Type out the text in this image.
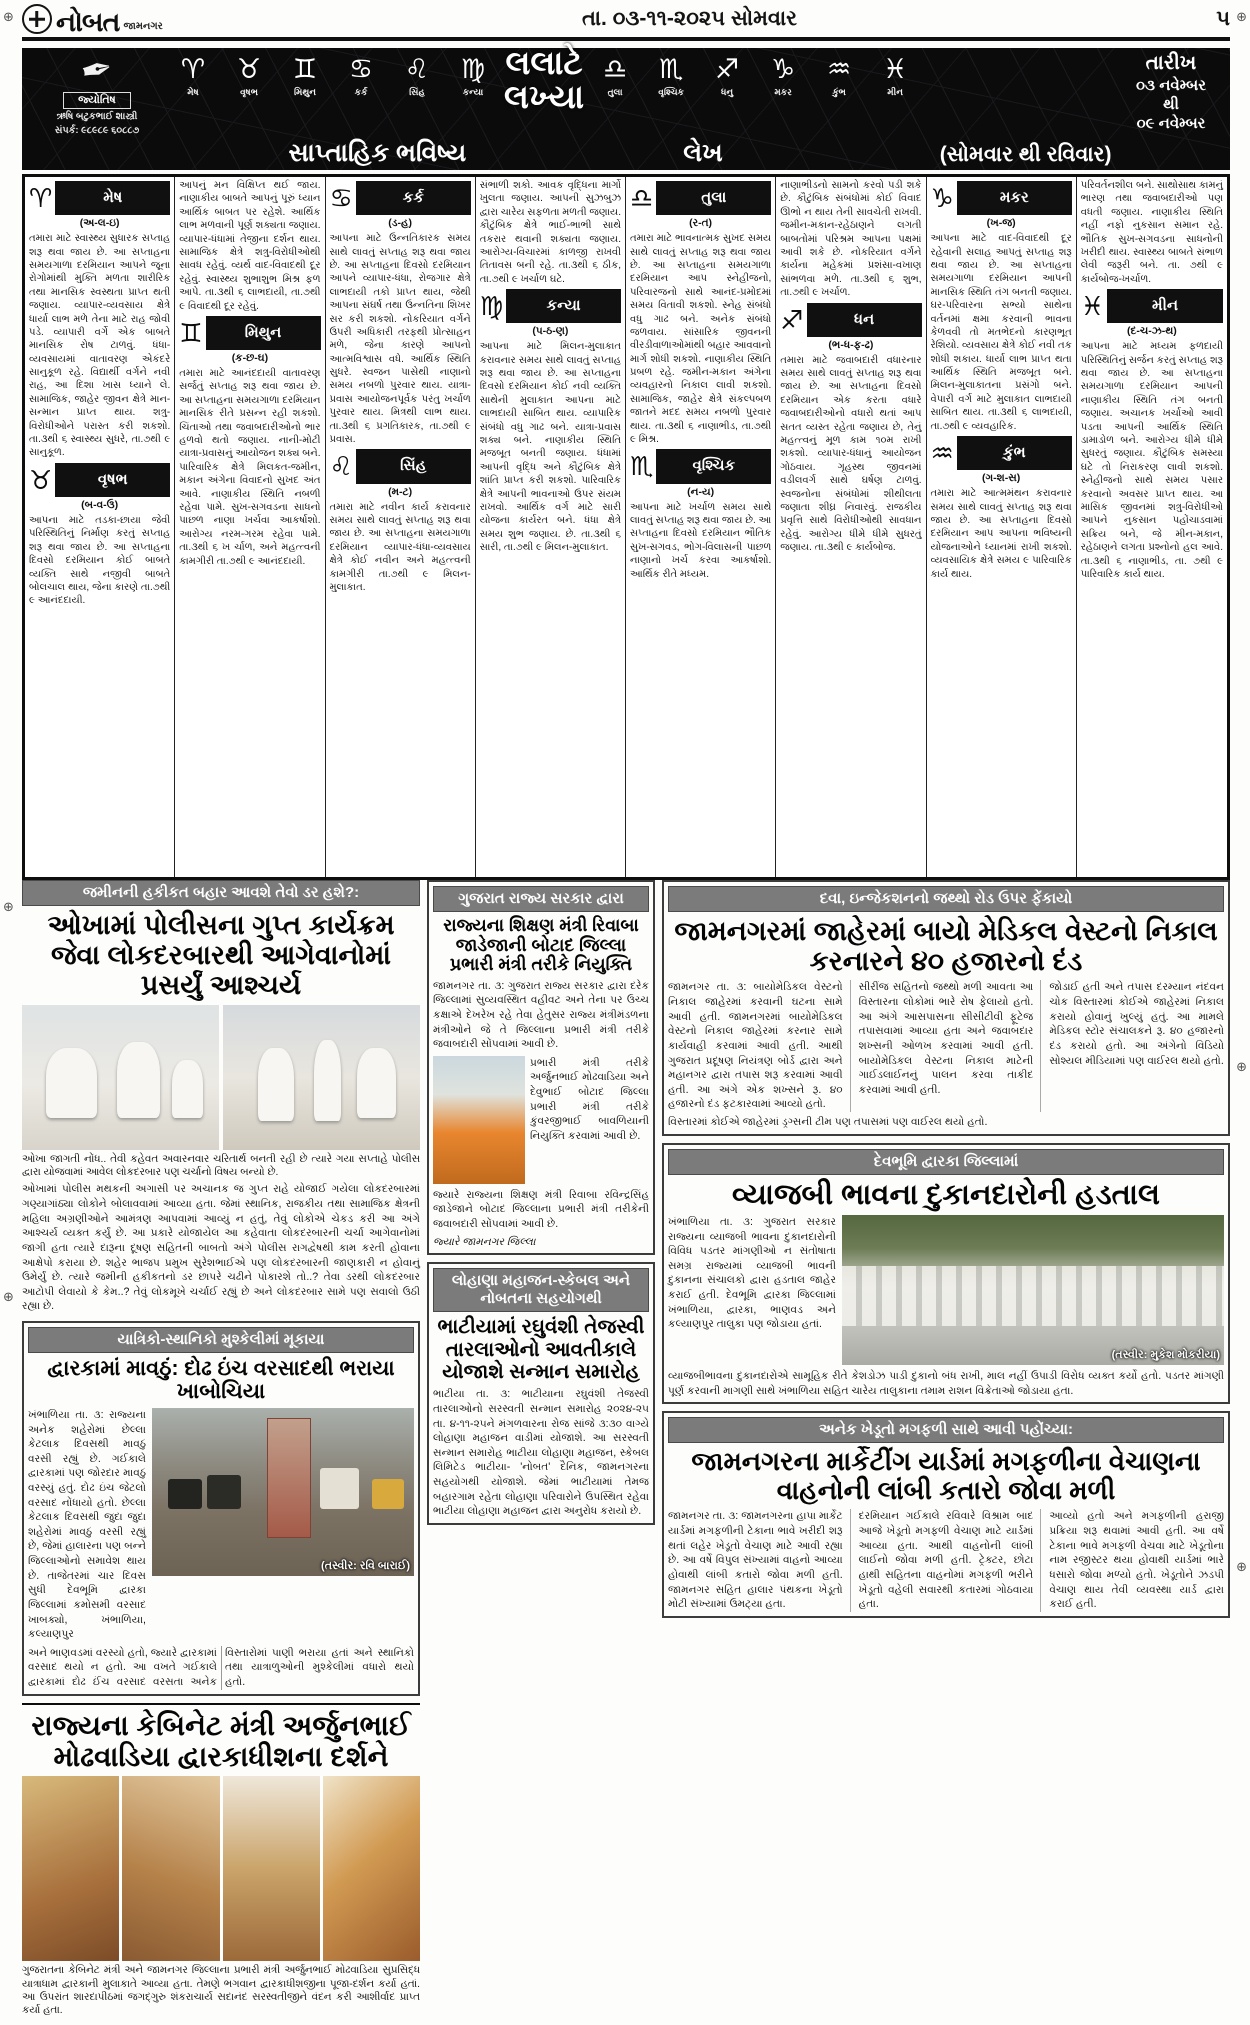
⊕	⊕
⊕
⊕
⊕
⊕
નોબત જામનગર	તા. ૦૩-૧૧-૨૦૨૫ સોમવાર	૫
✒
જ્યોતિષ
ઋષિ બટુકભાઈ શાસ્ત્રી
સંપર્ક: ૯૮૯૮૯ ૬૦૮૮૭
♈
મેષ
♉
વૃષભ
♊
મિથુન
♋
કર્ક
♌
સિંહ
♍
કન્યા
લલાટે
લખ્યા
♎
તુલા
♏
વૃશ્ચિક
♐
ધનુ
♑
મકર
♒
કુંભ
♓
મીન
તારીખ
૦૩ નવેમ્બર
થી
૦૯ નવેમ્બર
સાપ્તાહિક ભવિષ્ય	લેખ	(સોમવાર થી રવિવાર)
♈	મેષ
(અ-લ-ઇ)
તમારા માટે સ્વાસ્થ્ય સુધારક સપ્તાહ શરૂ થવા જાય છે. આ સપ્તાહના સમયગાળા દરમિયાન આપને જૂના રોગોમાંથી મુક્તિ મળતા શારીરિક તથા માનસિક સ્વસ્થતા પ્રાપ્ત થતી જણાય. વ્યાપાર-વ્યવસાય ક્ષેત્રે ધાર્યા લાભ મળે તેના માટે રાહ જોવી પડે. વ્યાપારી વર્ગે એક બાબતે માનસિક રોષ ટાળવું. ધંધા-વ્યવસાયમાં વાતાવરણ એકંદરે સાનુકૂળ રહે. વિદ્યાર્થી વર્ગને નવી રાહ, આ દિશા ખાસ ધ્યાને લે. સામાજિક, જાહેર જીવન ક્ષેત્રે માન-સન્માન પ્રાપ્ત થાય. શત્રુ-વિરોધીઓને પરાસ્ત કરી શકશો. તા.૩થી ૬ સ્વાસ્થ્ય સુધરે, તા.૭થી ૯ સાનુકૂળ.
♉	વૃષભ
(બ-વ-ઉ)
આપના માટે તડકા-છાયા જેવી પરિસ્થિતિનું નિર્માણ કરતું સપ્તાહ શરૂ થવા જાય છે. આ સપ્તાહના દિવસો દરમિયાન કોઈ બાબતે વ્યક્તિ સાથે નજીવી બાબતે બોલચાલ થાય, જેના કારણે તા.૭થી ૯ આનંદદાયી.
આપનું મન વિક્ષિપ્ત થઈ જાય. નાણાકીય બાબતે આપનું પૂરું ધ્યાન આર્થિક બાબત પર રહેશે. આર્થિક લાભ મળવાની પૂર્ણ શક્યતા જણાય. વ્યાપાર-ધંધામાં તેજીના દર્શન થાય. સામાજિક ક્ષેત્રે શત્રુ-વિરોધીઓથી સાવધ રહેવું. વ્યર્થ વાદ-વિવાદથી દૂર રહેવું. સ્વાસ્થ્ય શુભાશુભ મિશ્ર ફળ આપે. તા.૩થી ૬ લાભદાયી, તા.૭થી ૯ વિવાદથી દૂર રહેવું.
♊	મિથુન
(ક-છ-ઘ)
તમારા માટે આનંદદાયી વાતાવરણ સર્જતું સપ્તાહ શરૂ થવા જાય છે. આ સપ્તાહના સમયગાળા દરમિયાન માનસિક રીતે પ્રસન્ન રહી શકશો. ચિંતાઓ તથા જવાબદારીઓનો ભાર હળવો થતો જણાય. નાની-મોટી યાત્રા-પ્રવાસનું આયોજન શક્ય બને. પારિવારિક ક્ષેત્રે મિલકત-જમીન, મકાન અંગેના વિવાદનો સુખદ અંત આવે. નાણાકીય સ્થિતિ નબળી રહેવા પામે. સુખ-સગવડના સાધનો પાછળ નાણા ખર્ચવા આકર્ષાશો. આરોગ્ય નરમ-ગરમ રહેવા પામે. તા.૩થી ૬ ખ ર્ચાળ, અને મહત્ત્વની કામગીરી તા.૭થી ૯ આનંદદાયી.
♋	કર્ક
(ડ-હ)
આપના માટે ઉન્નતિકારક સમય સાથે લાવતું સપ્તાહ શરૂ થવા જાય છે. આ સપ્તાહના દિવસો દરમિયાન આપને વ્યાપાર-ધંધા, રોજગાર ક્ષેત્રે લાભદાયી તકો પ્રાપ્ત થાય, જેથી આપના સંઘર્ષ તથા ઉન્નતિના શિખર સર કરી શકશો. નોકરિયાત વર્ગને ઉપરી અધિકારી તરફથી પ્રોત્સાહન મળે, જેના કારણે આપનો આત્મવિશ્વાસ વધે. આર્થિક સ્થિતિ સુધરે. સ્વજન પાસેથી નાણાનો સમય નબળો પુરવાર થાય. યાત્રા-પ્રવાસ આયોજનપૂર્વક પરંતુ ખર્ચાળ પુરવાર થાય. મિત્રથી લાભ થાય. તા.૩થી ૬ પ્રગતિકારક, તા.૭થી ૯ પ્રવાસ.
♌	સિંહ
(મ-ટ)
તમારા માટે નવીન કાર્ય કરાવનાર સમય સાથે લાવતું સપ્તાહ શરૂ થવા જાય છે. આ સપ્તાહના સમયગાળા દરમિયાન વ્યાપાર-ધંધા-વ્યવસાય ક્ષેત્રે કોઈ નવીન અને મહત્ત્વની કામગીરી તા.૭થી ૯ મિલન-મુલાકાત.
સંભાળી શકો. આવક વૃદ્ધિના માર્ગો ખુલતા જણાય. આપની સુઝબુઝ દ્વારા ચારેય સફળતા મળતી જણાય. કૌટુંબિક ક્ષેત્રે ભાઈ-ભાભી સાથે તકરાર થવાની શક્યતા જણાય. આરોગ્ય-વિચારમાં કાળજી રાખવી તિતાવસ બની રહે. તા.૩થી ૬ ઠીક, તા.૭થી ૯ ખર્ચાળ ઘટે.
♍	કન્યા
(પ-ઠ-ણ)
આપના માટે મિલન-મુલાકાત કરાવનાર સમય સાથે લાવતું સપ્તાહ શરૂ થવા જાય છે. આ સપ્તાહના દિવસો દરમિયાન કોઈ નવી વ્યક્તિ સાથેની મુલાકાત આપના માટે લાભદાયી સાબિત થાય. વ્યાપારિક સંબંધો વધુ ગાઢ બને. યાત્રા-પ્રવાસ શક્ય બને. નાણાકીય સ્થિતિ મજબૂત બનતી જણાય. ધંધામાં આપની વૃદ્ધિ અને કૌટુંબિક ક્ષેત્રે શાંતિ પ્રાપ્ત કરી શકશો. પારિવારિક ક્ષેત્રે આપની ભાવનાઓ ઉપર સંયમ રાખવો. આર્થિક વર્ગ માટે સારી યોજના કાર્યરત બને. ધંધા ક્ષેત્રે સમય શુભ જણાય. છે. તા.૩થી ૬ સારી, તા.૭થી ૯ મિલન-મુલાકાત.
♎	તુલા
(ર-ત)
તમારા માટે ભાવનાત્મક સુખદ સમય સાથે લાવતું સપ્તાહ શરૂ થવા જાય છે. આ સપ્તાહના સમયગાળા દરમિયાન આપ સ્નેહીજનો, પરિવારજનો સાથે આનંદ-પ્રમોદમાં સમય વિતાવી શકશો. સ્નેહ સંબંધો વધુ ગાઢ બને. અનેક સંબંધો જળવાય. સાંસારિક જીવનની વીરડીવાળાઓમાંથી બહાર આવવાનો માર્ગ શોધી શકશો. નાણાકીય સ્થિતિ પ્રબળ રહે. જમીન-મકાન અંગેના વ્યવહારનો નિકાલ લાવી શકશો. સામાજિક, જાહેર ક્ષેત્રે સંકલ્પબળ જાતને મદદ સમય નબળો પુરવાર થાય. તા.૩થી ૬ નાણાભીડ, તા.૭થી ૯ મિશ્ર.
♏	વૃશ્ચિક
(ન-ય)
આપના માટે ખર્ચાળ સમય સાથે લાવતું સપ્તાહ શરૂ થવા જાય છે. આ સપ્તાહના દિવસો દરમિયાન ભૌતિક સુખ-સગવડ, ભોગ-વિલાસની પાછળ નાણાનો ખર્ચ કરવા આકર્ષાશો. આર્થિક રીતે મધ્યમ.
નાણાભીડનો સામનો કરવો પડી શકે છે. કૌટુંબિક સંબંધોમાં કોઈ વિવાદ ઊભો ન થાય તેની સાવચેતી રાખવી. જમીન-મકાન-રહેઠાણને લગતી બાબતોમાં પરિશ્રમ આપના પક્ષમાં આવી શકે છે. નોકરિયાત વર્ગને કાર્યના મહેકમાં પ્રશંસા-વખાણ સાંભળવા મળે. તા.૩થી ૬ શુભ, તા.૭થી ૯ ખર્ચાળ.
♐	ધન
(ભ-ધ-ફ-ઢ)
તમારા માટે જવાબદારી વધારનાર સમય સાથે લાવતું સપ્તાહ શરૂ થવા જાય છે. આ સપ્તાહના દિવસો દરમિયાન એક કરતા વધારે જવાબદારીઓનો વધારો થતાં આપ સતત વ્યસ્ત રહેતા જણાય છે, તેનું મહત્ત્વનું મૂળ કામ ૧૦મ રાખી શકશો. વ્યાપાર-ધંધાનું આયોજન ગોઠવાય. ગૃહસ્થ જીવનમાં વડીલવર્ગ સાથે ઘર્ષણ ટાળવું. સ્વજનોના સંબંધોમાં શીથીલતા જણાતા શીઘ્ર નિવારવું. રાજકીય પ્રવૃત્તિ સાથે વિરોધીઓથી સાવધાન રહેવું. આરોગ્ય ધીમે ધીમે સુધરતું જણાય. તા.૩થી ૯ કાર્યબોજ.
♑	મકર
(ખ-જ)
આપના માટે વાદ-વિવાદથી દૂર રહેવાની સલાહ આપતું સપ્તાહ શરૂ થવા જાય છે. આ સપ્તાહના સમયગાળા દરમિયાન આપની માનસિક સ્થિતિ તંગ બનતી જણાય. ઘર-પરિવારના સભ્યો સાથેના વર્તનમાં ક્ષમા કરવાની ભાવના કેળવવી તો મતભેદનો કારણભૂત રેશિયો. વ્યવસાય ક્ષેત્રે કોઈ નવી તક શોધી શકાય. ધાર્યા લાભ પ્રાપ્ત થતા આર્થિક સ્થિતિ મજબૂત બને. મિલન-મુલાકાતના પ્રસંગો બને. વેપારી વર્ગ માટે મુલાકાત લાભદાયી સાબિત થાય. તા.૩થી ૬ લાભદાયી, તા.૭થી ૯ વ્યવહારિક.
♒	કુંભ
(ગ-શ-સ)
તમારા માટે આત્મમંથન કરાવનાર સમય સાથે લાવતું સપ્તાહ શરૂ થવા જાય છે. આ સપ્તાહના દિવસો દરમિયાન આપ આપના ભવિષ્યની યોજનાઓને ધ્યાનમાં રાખી શકશો. વ્યવસાયિક ક્ષેત્રે સમય ૯ પારિવારિક કાર્ય થાય.
પરિવર્તનશીલ બને. સાથોસાથ કામનું ભારણ તથા જવાબદારીઓ પણ વધતી જણાય. નાણાકીય સ્થિતિ નહીં નફો નુકસાન સમાન રહે. ભૌતિક સુખ-સગવડના સાધનોની ખરીદી થાય. સ્વાસ્થ્ય બાબતે સંભાળ લેવી જરૂરી બને. તા. ૭થી ૯ કાર્યબોજ-ખર્ચાળ.
♓	મીન
(દ-ચ-ઝ-થ)
આપના માટે મધ્યમ ફળદાયી પરિસ્થિતિનું સર્જન કરતું સપ્તાહ શરૂ થવા જાય છે. આ સપ્તાહના સમયગાળા દરમિયાન આપની નાણાકીય સ્થિતિ તંગ બનતી જણાય. અચાનક ખર્ચાઓ આવી પડતા આપની આર્થિક સ્થિતિ ડામાડોળ બને. આરોગ્ય ધીમે ધીમે સુધરતું જણાય. કૌટુંબિક સમસ્યા ઘટે તો નિરાકરણ લાવી શકશો. સ્નેહીજનો સાથે સમય પસાર કરવાનો અવસર પ્રાપ્ત થાય. આ માસિક જીવનમાં શત્રુ-વિરોધીઓ આપને નુકસાન પહોંચાડવામાં સક્રિય બને, જે મીન-મકાન, રહેઠાણને લગતા પ્રશ્નોનો હલ આવે. તા.૩થી ૬ નાણાભીડ, તા. ૭થી ૯ પારિવારિક કાર્ય થાય.
જમીનની હકીકત બહાર આવશે તેવો ડર હશે?:
ઓખામાં પોલીસના ગુપ્ત કાર્યક્રમ જેવા લોકદરબારથી આગેવાનોમાં પ્રસર્યું આશ્ચર્ય
ઓખા જાગતી નોંધ.. તેવી કહેવત અવારનવાર ચરિતાર્થ બનતી રહી છે ત્યારે ગયા સપ્તાહે પોલીસ દ્વારા યોજવામાં આવેલ લોકદરબાર પણ ચર્ચાનો વિષય બન્યો છે.
ઓખામાં પોલીસ મથકની અગાસી પર અચાનક જ ગુપ્ત રાહે યોજાઈ ગયેલા લોકદરબારમાં ગણ્યાગાંઠ્યા લોકોને બોલાવવામાં આવ્યા હતા. જેમાં સ્થાનિક, રાજકીય તથા સામાજિક ક્ષેત્રની મહિલા અગ્રણીઓને આમંત્રણ આપવામાં આવ્યું ન હતું, તેવું લોકોએ ચેકડ કરી આ અંગે આશ્ચર્ય વ્યક્ત કર્યું છે. આ પ્રકારે યોજાયેલ આ કહેવાતા લોકદરબારની ચર્ચા આગેવાનોમાં જાગી હતા ત્યારે દારૂના દૂષણ સહિતની બાબતો અંગે પોલીસ રાગદ્વેષથી કામ કરતી હોવાના આક્ષેપો કરાયા છે. શહેર ભાજપ પ્રમુખ સુરેશભાઈએ પણ લોકદરબારની જાણકારી ન હોવાનું ઉમેર્યું છે. ત્યારે જમીની હકીકતનો ડર છાપરે ચઢીને પોકારશે તો..? તેવા ડરથી લોકદરબાર આટોપી લેવાયો કે કેમ..? તેવું લોકમૂખે ચર્ચાઈ રહ્યું છે અને લોકદરબાર સામે પણ સવાલો ઉઠી રહ્યા છે.
યાત્રિકો-સ્થાનિકો મુશ્કેલીમાં મૂકાયા
દ્વારકામાં માવઠું: દોઢ ઇંચ વરસાદથી ભરાયા ખાબોચિયા
ખંભાળિયા તા. ૩: રાજ્યના અનેક શહેરોમાં છેલ્લા કેટલાક દિવસથી માવઠું વરસી રહ્યું છે. ગઈકાલે દ્વારકામાં પણ જોરદાર માવઠું વરસ્યું હતું. દોઢ ઇંચ જેટલો વરસાદ નોંધાયો હતો. છેલ્લા કેટલાક દિવસથી જુદા જુદા શહેરોમાં માવઠું વરસી રહ્યું છે, જેમાં હાલારના પણ બન્ને જિલ્લાઓનો સમાવેશ થાય છે. તાજેતરમાં ચાર દિવસ સુધી દેવભૂમિ દ્વારકા જિલ્લામાં કમોસમી વરસાદ ખાબક્યો, ખંભાળિયા, કલ્યાણપુર
(તસ્વીર: રવિ બારાઈ)
અને ભાણવડમાં વરસ્યો હતો, જ્યારે દ્વારકામાં વરસાદ થયો ન હતો. આ વખતે ગઈકાલે દ્વારકામાં દોઢ ઈંચ વરસાદ વરસતા અનેક વિસ્તારોમાં પાણી ભરાયા હતાં અને સ્થાનિકો તથા યાત્રાળુઓની મુશ્કેલીમાં વધારો થયો હતો.
રાજ્યના કેબિનેટ મંત્રી અર્જુનભાઈ મોઢવાડિયા દ્વારકાધીશના દર્શને
ગુજરાતના કેબિનેટ મંત્રી અને જામનગર જિલ્લાના પ્રભારી મંત્રી અર્જુનભાઈ મોઢવાડિયા સુપ્રસિદ્ધ યાત્રાધામ દ્વારકાની મુલાકાતે આવ્યા હતા. તેમણે ભગવાન દ્વારકાધીશજીના પૂજા-દર્શન કર્યા હતાં. આ ઉપરાંત શારદાપીઠમાં જગદ્ગુરુ શંકરાચાર્ય સદાનંદ સરસ્વતીજીને વંદન કરી આશીર્વાદ પ્રાપ્ત કર્યા હતા.
ગુજરાત રાજ્ય સરકાર દ્વારા
રાજ્યના શિક્ષણ મંત્રી રિવાબા જાડેજાની બોટાદ જિલ્લા પ્રભારી મંત્રી તરીકે નિયુક્તિ
જામનગર તા. ૩: ગુજરાત રાજ્ય સરકાર દ્વારા દરેક જિલ્લામાં સુવ્યવસ્થિત વહીવટ અને તેના પર ઉચ્ચ કક્ષાએ દેખરેખ રહે તેવા હેતુસર રાજ્ય મંત્રીમંડળના મંત્રીઓને જે તે જિલ્લાના પ્રભારી મંત્રી તરીકે જવાબદારી સોંપવામાં આવી છે.
પ્રભારી મંત્રી તરીકે અર્જુનભાઈ મોઢવાડિયા અને દેવુભાઈ બોટાદ જિલ્લા પ્રભારી મંત્રી તરીકે કુંવરજીભાઈ બાવળિયાની નિયુક્તિ કરવામાં આવી છે.
જ્યારે રાજ્યના શિક્ષણ મંત્રી રિવાબા રવિન્દ્રસિંહ જાડેજાને બોટાદ જિલ્લાના પ્રભારી મંત્રી તરીકેની જવાબદારી સોંપવામાં આવી છે.
જ્યારે જામનગર જિલ્લા
લોહાણા મહાજન-સ્કેબલ અને નોબતના સહયોગથી
ભાટીયામાં રઘુવંશી તેજસ્વી તારલાઓનો આવતીકાલે યોજાશે સન્માન સમારોહ
ભાટીયા તા. ૩: ભાટીયાના રઘુવંશી તેજસ્વી તારલાઓનો સરસ્વતી સન્માન સમારોહ ૨૦૨૪-૨૫ તા. ૪-૧૧-૨૫ને મંગળવારના રોજ સાંજે ૩:૩૦ વાગ્યે લોહાણા મહાજન વાડીમાં યોજાશે. આ સરસ્વતી સન્માન સમારોહ ભાટીયા લોહાણા મહાજન, સ્કેબલ લિમિટેડ ભાટીયા- 'નોબત' દૈનિક, જામનગરના સહયોગથી યોજાશે. જેમાં ભાટીયામાં તેમજ બહારગામ રહેતા લોહાણા પરિવારોને ઉપસ્થિત રહેવા ભાટીયા લોહાણા મહાજન દ્વારા અનુરોધ કરાયો છે.
દવા, ઇન્જેકશનનો જથ્થો રોડ ઉપર ફેંકાયો
જામનગરમાં જાહેરમાં બાયો મેડિકલ વેસ્ટનો નિકાલ કરનારને ૪૦ હજારનો દંડ
જામનગર તા. ૩: બાયોમેડિકલ વેસ્ટનો નિકાલ જાહેરમાં કરવાની ઘટના સામે આવી હતી. જામનગરમાં બાયોમેડિકલ વેસ્ટનો નિકાલ જાહેરમાં કરનાર સામે કાર્યવાહી કરવામાં આવી હતી. આથી ગુજરાત પ્રદૂષણ નિયંત્રણ બોર્ડ દ્વારા અને મહાનગર દ્વારા તપાસ શરૂ કરવામાં આવી હતી. આ અંગે એક શખ્સને રૂ. ૪૦ હજારનો દંડ ફટકારવામાં આવ્યો હતો.
સીરીંજ સહિતનો જથ્થો મળી આવતા આ વિસ્તારના લોકોમાં ભારે રોષ ફેલાયો હતો. આ અંગે આસપાસના સીસીટીવી ફૂટેજ તપાસવામાં આવ્યા હતા અને જવાબદાર શખ્સની ઓળખ કરવામાં આવી હતી. બાયોમેડિકલ વેસ્ટના નિકાલ માટેની ગાઈડલાઈનનું પાલન કરવા તાકીદ કરવામાં આવી હતી.
જોડાઈ હતી અને તપાસ દરમ્યાન નંદવન ચોક વિસ્તારમાં કોઈએ જાહેરમાં નિકાલ કરાયો હોવાનું ખુલ્યું હતું. આ મામલે મેડિકલ સ્ટોર સંચાલકને રૂ. ૪૦ હજારનો દંડ કરાયો હતો. આ અંગેનો વિડિયો સોશ્યલ મીડિયામાં પણ વાઈરલ થયો હતો.
વિસ્તારમાં કોઈએ જાહેરમાં ડ્રગ્સની ટીમ પણ તપાસમાં પણ વાઈરલ થયો હતો.
દેવભૂમિ દ્વારકા જિલ્લામાં
વ્યાજબી ભાવના દુકાનદારોની હડતાલ
ખંભાળિયા તા. ૩: ગુજરાત સરકાર રાજ્યના વ્યાજબી ભાવના દુકાનદારોની વિવિધ પડતર માંગણીઓ ન સંતોષાતા સમગ્ર રાજ્યમાં વ્યાજબી ભાવની દુકાનના સંચાલકો દ્વારા હડતાલ જાહેર કરાઈ હતી. દેવભૂમિ દ્વારકા જિલ્લામાં ખંભાળિયા, દ્વારકા, ભાણવડ અને કલ્યાણપુર તાલુકા પણ જોડાયા હતાં.
(તસ્વીર: મુકેશ મોકરીયા)
વ્યાજબીભાવના દુકાનદારોએ સામૂહિક રીતે કેશડોઝ પાડી દુકાનો બંધ રાખી, માલ નહીં ઉપાડી વિરોધ વ્યક્ત કર્યો હતો. પડતર માંગણી પૂર્ણ કરવાની માગણી સાથે ખંભાળિયા સહિત ચારેય તાલુકાના તમામ રાશન વિક્રેતાઓ જોડાયા હતા.
અનેક ખેડૂતો મગફળી સાથે આવી પહોંચ્યા:
જામનગરના માર્કેટીંગ યાર્ડમાં મગફળીના વેચાણના વાહનોની લાંબી કતારો જોવા મળી
જામનગર તા. ૩: જામનગરના હાપા માર્કેટ યાર્ડમાં મગફળીની ટેકાના ભાવે ખરીદી શરૂ થતાં લહેર ખેડૂતો વેચાણ માટે આવી રહ્યા છે. આ વર્ષે વિપુલ સંખ્યામાં વાહનો આવ્યા હોવાથી લાંબી કતારો જોવા મળી હતી. જામનગર સહિત હાલાર પંથકના ખેડૂતો મોટી સંખ્યામાં ઉમટ્યા હતા.
દરમિયાન ગઈકાલે રવિવારે વિશ્રામ બાદ આજે ખેડૂતો મગફળી વેચાણ માટે યાર્ડમાં આવ્યા હતા. આથી વાહનોની લાંબી લાઈનો જોવા મળી હતી. ટ્રેક્ટર, છોટા હાથી સહિતના વાહનોમાં મગફળી ભરીને ખેડૂતો વહેલી સવારથી કતારમાં ગોઠવાયા હતા.
આવ્યો હતો અને મગફળીની હરાજી પ્રક્રિયા શરૂ થવામાં આવી હતી. આ વર્ષે ટેકાના ભાવે મગફળી વેચવા માટે ખેડૂતોના નામ રજીસ્ટર થયા હોવાથી યાર્ડમાં ભારે ધસારો જોવા મળ્યો હતો. ખેડૂતોને ઝડપી વેચાણ થાય તેવી વ્યવસ્થા યાર્ડ દ્વારા કરાઈ હતી.
